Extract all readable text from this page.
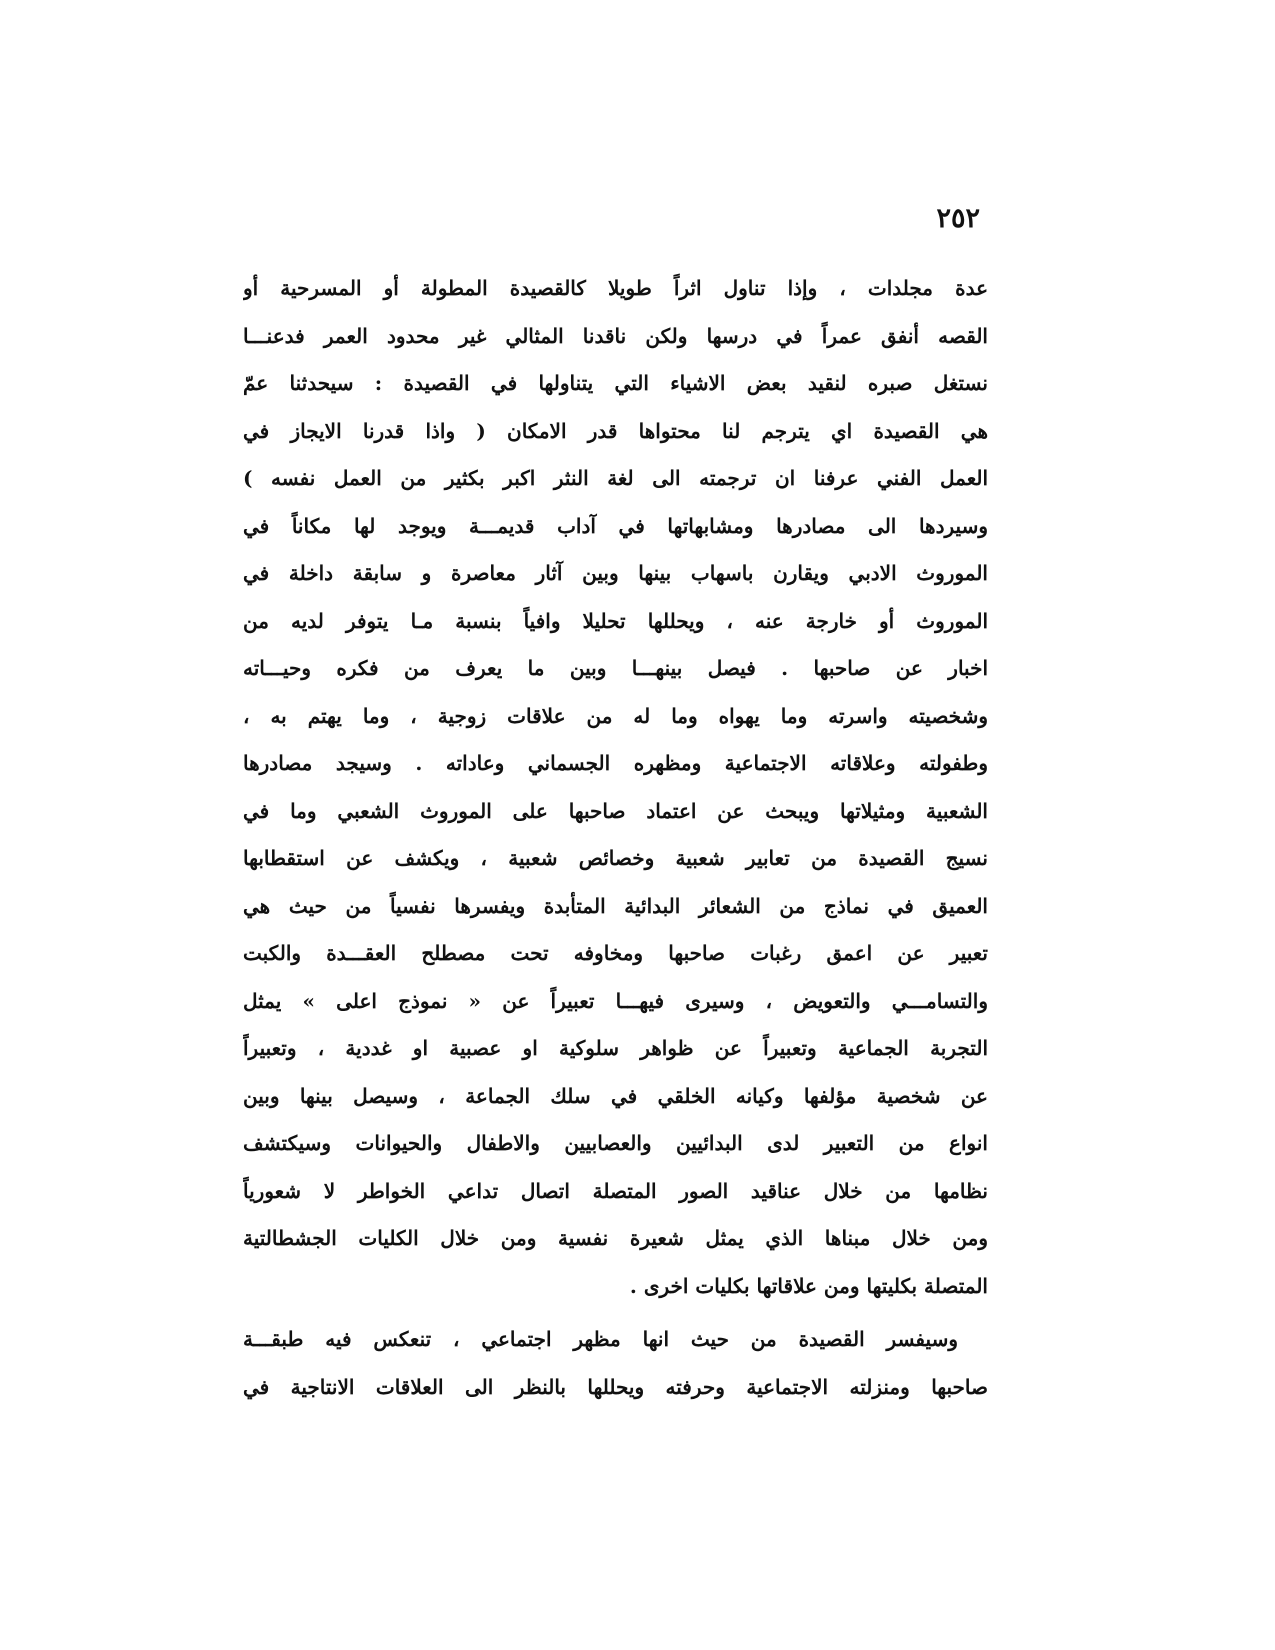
٢٥٢
عدة مجلدات ، وإذا تناول اثراً طويلا كالقصيدة المطولة أو المسرحية أو
القصه أنفق عمراً في درسها ولكن ناقدنا المثالي غير محدود العمر فدعنـــا
نستغل صبره لنقيد بعض الاشياء التي يتناولها في القصيدة : سيحدثنا عمّ
هي القصيدة اي يترجم لنا محتواها قدر الامكان ( واذا قدرنا الايجاز في
العمل الفني عرفنا ان ترجمته الى لغة النثر اكبر بكثير من العمل نفسه )
وسيردها الى مصادرها ومشابهاتها في آداب قديمـــة ويوجد لها مكاناً في
الموروث الادبي ويقارن باسهاب بينها وبين آثار معاصرة و سابقة داخلة في
الموروث أو خارجة عنه ، ويحللها تحليلا وافياً بنسبة مـا يتوفر لديه من
اخبار عن صاحبها . فيصل بينهـــا وبين ما يعرف من فكره وحيـــاته
وشخصيته واسرته وما يهواه وما له من علاقات زوجية ، وما يهتم به ،
وطفولته وعلاقاته الاجتماعية ومظهره الجسماني وعاداته . وسيجد مصادرها
الشعبية ومثيلاتها ويبحث عن اعتماد صاحبها على الموروث الشعبي وما في
نسيج القصيدة من تعابير شعبية وخصائص شعبية ، ويكشف عن استقطابها
العميق في نماذج من الشعائر البدائية المتأبدة ويفسرها نفسياً من حيث هي
تعبير عن اعمق رغبات صاحبها ومخاوفه تحت مصطلح العقـــدة والكبت
والتسامـــي والتعويض ، وسيرى فيهـــا تعبيراً عن « نموذج اعلى » يمثل
التجربة الجماعية وتعبيراً عن ظواهر سلوكية او عصبية او غددية ، وتعبيراً
عن شخصية مؤلفها وكيانه الخلقي في سلك الجماعة ، وسيصل بينها وبين
انواع من التعبير لدى البدائيين والعصابيين والاطفال والحيوانات وسيكتشف
نظامها من خلال عناقيد الصور المتصلة اتصال تداعي الخواطر لا شعورياً
ومن خلال مبناها الذي يمثل شعيرة نفسية ومن خلال الكليات الجشطالتية
المتصلة بكليتها ومن علاقاتها بكليات اخرى .
وسيفسر القصيدة من حيث انها مظهر اجتماعي ، تنعكس فيه طبقـــة
صاحبها ومنزلته الاجتماعية وحرفته ويحللها بالنظر الى العلاقات الانتاجية في
